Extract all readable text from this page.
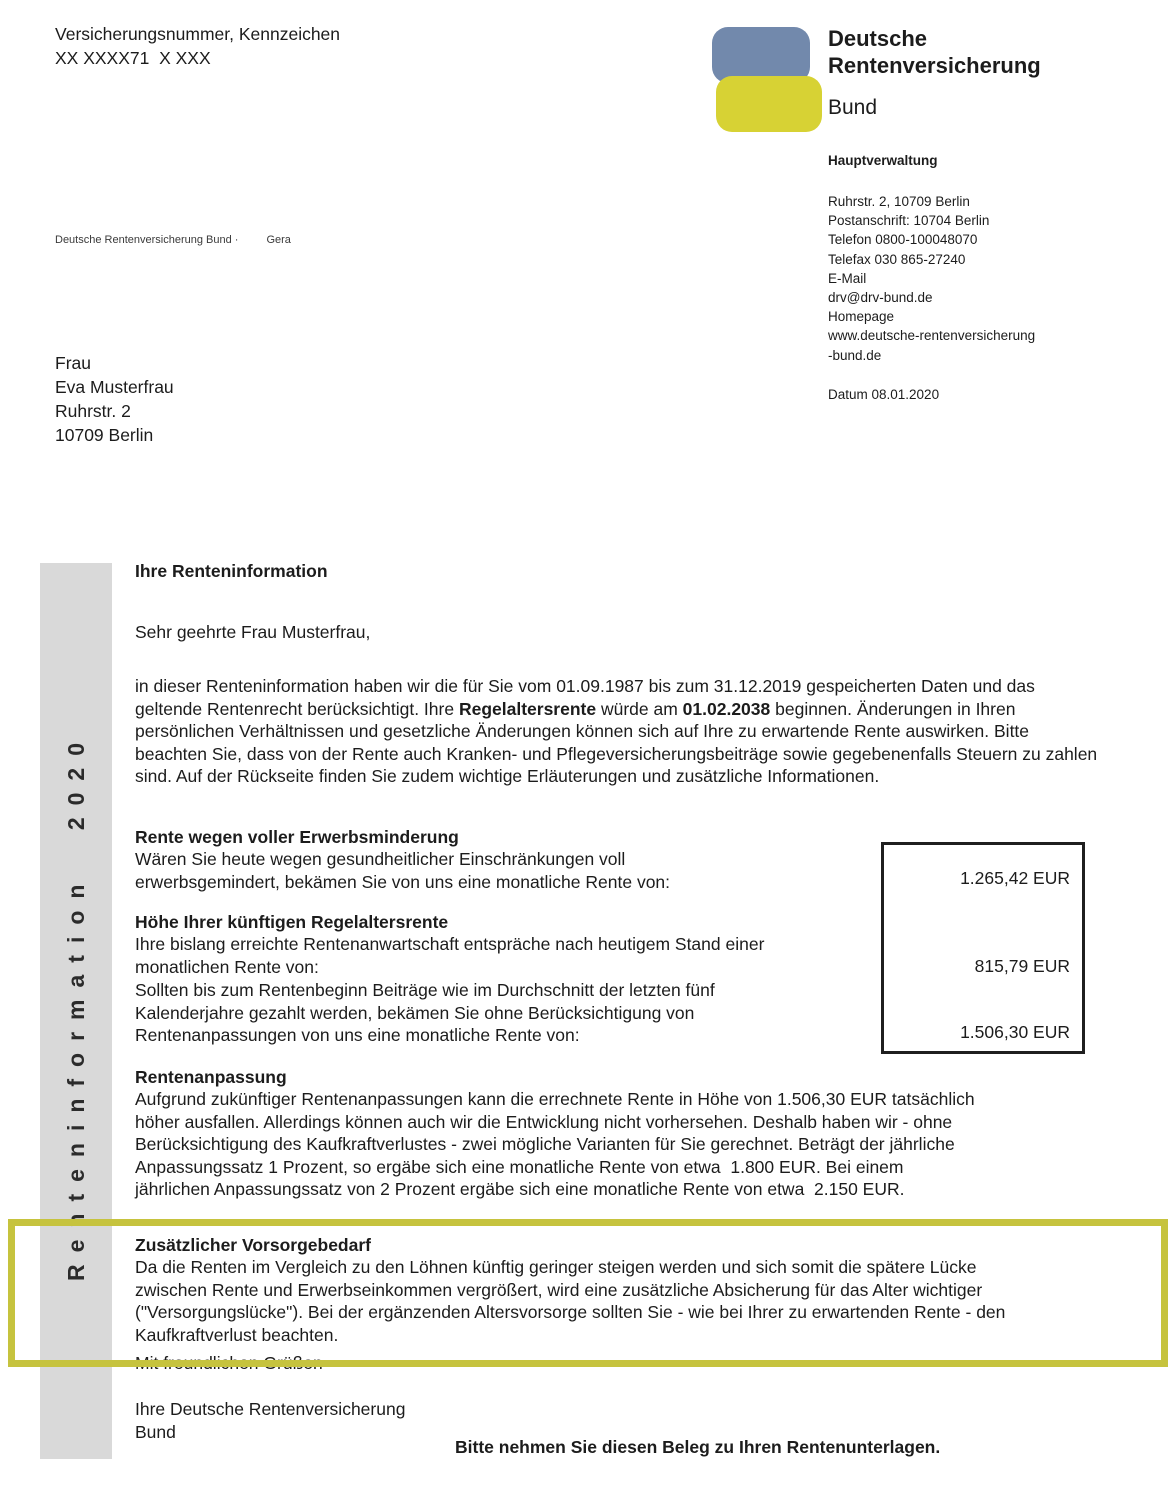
Versicherungsnummer, Kennzeichen
XX XXXX71  X XXX
Deutsche
Rentenversicherung
Bund
Hauptverwaltung
Ruhrstr. 2, 10709 Berlin
Postanschrift: 10704 Berlin
Telefon 0800-100048070
Telefax 030 865-27240
E-Mail
drv@drv-bund.de
Homepage
www.deutsche-rentenversicherung
-bund.de
Datum 08.01.2020
Deutsche Rentenversicherung Bund ·	Gera
Frau
Eva Musterfrau
Ruhrstr. 2
10709 Berlin
Renteninformation 2020
Ihre Renteninformation
Sehr geehrte Frau Musterfrau,

in dieser Renteninformation haben wir die für Sie vom 01.09.1987 bis zum 31.12.2019 gespeicherten Daten und das geltende Rentenrecht berücksichtigt. Ihre Regelaltersrente würde am 01.02.2038 beginnen. Änderungen in Ihren persönlichen Verhältnissen und gesetzliche Änderungen können sich auf Ihre zu erwartende Rente auswirken. Bitte beachten Sie, dass von der Rente auch Kranken- und Pflegeversicherungsbeiträge sowie gegebenenfalls Steuern zu zahlen sind. Auf der Rückseite finden Sie zudem wichtige Erläuterungen und zusätzliche Informationen.

Rente wegen voller Erwerbsminderung

Wären Sie heute wegen gesundheitlicher Einschränkungen voll erwerbsgemindert, bekämen Sie von uns eine monatliche Rente von:

Höhe Ihrer künftigen Regelaltersrente

Ihre bislang erreichte Rentenanwartschaft entspräche nach heutigem Stand einer monatlichen Rente von:

Sollten bis zum Rentenbeginn Beiträge wie im Durchschnitt der letzten fünf Kalenderjahre gezahlt werden, bekämen Sie ohne Berücksichtigung von Rentenanpassungen von uns eine monatliche Rente von:

Rentenanpassung

Aufgrund zukünftiger Rentenanpassungen kann die errechnete Rente in Höhe von 1.506,30 EUR tatsächlich höher ausfallen. Allerdings können auch wir die Entwicklung nicht vorhersehen. Deshalb haben wir - ohne Berücksichtigung des Kaufkraftverlustes - zwei mögliche Varianten für Sie gerechnet. Beträgt der jährliche Anpassungssatz 1 Prozent, so ergäbe sich eine monatliche Rente von etwa  1.800 EUR. Bei einem jährlichen Anpassungssatz von 2 Prozent ergäbe sich eine monatliche Rente von etwa  2.150 EUR.

1.265,42 EUR
815,79 EUR
1.506,30 EUR
Zusätzlicher Vorsorgebedarf

Da die Renten im Vergleich zu den Löhnen künftig geringer steigen werden und sich somit die spätere Lücke zwischen Rente und Erwerbseinkommen vergrößert, wird eine zusätzliche Absicherung für das Alter wichtiger ("Versorgungslücke"). Bei der ergänzenden Altersvorsorge sollten Sie - wie bei Ihrer zu erwartenden Rente - den Kaufkraftverlust beachten.

Mit freundlichen Grüßen
Ihre Deutsche Rentenversicherung
Bund
Bitte nehmen Sie diesen Beleg zu Ihren Rentenunterlagen.
